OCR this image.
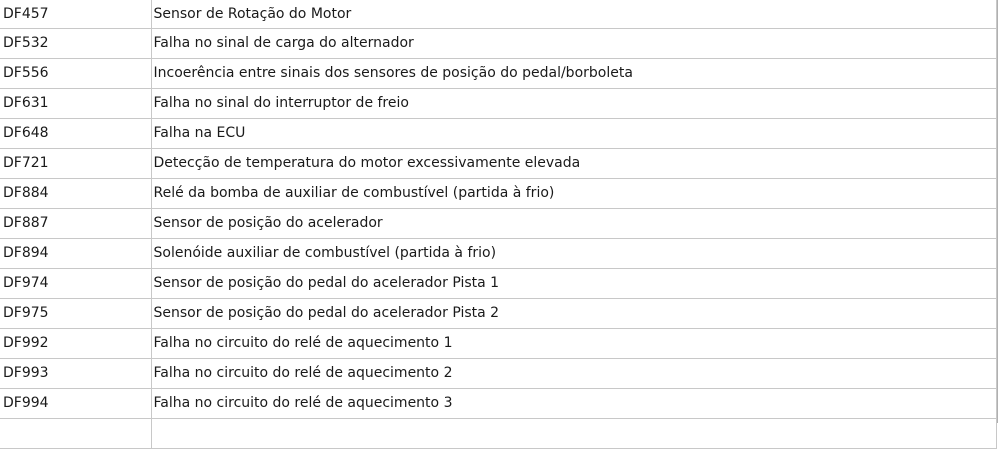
DF457	Sensor de Rotação do Motor
DF532	Falha no sinal de carga do alternador
DF556	Incoerência entre sinais dos sensores de posição do pedal/borboleta
DF631	Falha no sinal do interruptor de freio
DF648	Falha na ECU
DF721	Detecção de temperatura do motor excessivamente elevada
DF884	Relé da bomba de auxiliar de combustível (partida à frio)
DF887	Sensor de posição do acelerador
DF894	Solenóide auxiliar de combustível (partida à frio)
DF974	Sensor de posição do pedal do acelerador Pista 1
DF975	Sensor de posição do pedal do acelerador Pista 2
DF992	Falha no circuito do relé de aquecimento 1
DF993	Falha no circuito do relé de aquecimento 2
DF994	Falha no circuito do relé de aquecimento 3
